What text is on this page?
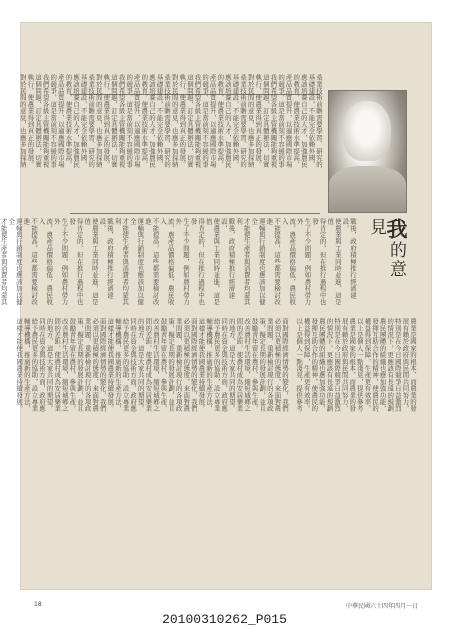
桑業技術前瞻需要學習、研究的
基礎建設，不能完全依賴外國，
應該培養自己的人才，加強農民
的教育，使農業技術水準提高，
產品品質提升，以適應國際市場
的競爭，這是當前刻不容緩的事
我們希望各級主管機關能夠重視
這個問題，訂定具體辦法，切實
執行，使農業得到真正的發展。
對於民間的意見，也應多加採納
桑業技術前瞻需要學習、研究的
基礎建設，不能完全依賴外國，
應該培養自己的人才，加強農民
的教育，使農業技術水準提高，
產品品質提升，以適應國際市場
的競爭，這是當前刻不容緩的事
我們希望各級主管機關能夠重視
這個問題，訂定具體辦法，切實
執行，使農業得到真正的發展。
對於民間的意見，也應多加採納
桑業技術前瞻需要學習、研究的
基礎建設，不能完全依賴外國，
應該培養自己的人才，加強農民
的教育，使農業技術水準提高，
產品品質提升，以適應國際市場
的競爭，這是當前刻不容緩的事
我們希望各級主管機關能夠重視
這個問題，訂定具體辦法，切實
執行，使農業得到真正的發展。
對於民間的意見，也應多加採納
桑業技術前瞻需要學習、研究的
基礎建設，不能完全依賴外國，
應該培養自己的人才，加強農民
的教育，使農業技術水準提高，
產品品質提升，以適應國際市場
的競爭，這是當前刻不容緩的事
我們希望各級主管機關能夠重視
這個問題，訂定具體辦法，切實
執行，使農業得到真正的發展。
對於民間的意見，也應多加採納
我的意見
戰後，政府積極推行經濟建設，
使農業與工業同時並進，這是值
得肯定的，但在推行過程中也發
生了不少問題，例如農村勞力外
流，農產品價格偏低，農民收入
不能提高，這些都需要檢討改進
運輸與行銷制度也應該加以健全
才能使生產者與消費者均蒙其利
戰後，政府積極推行經濟建設，
使農業與工業同時並進，這是值
得肯定的，但在推行過程中也發
生了不少問題，例如農村勞力外
流，農產品價格偏低，農民收入
不能提高，這些都需要檢討改進
運輸與行銷制度也應該加以健全
才能使生產者與消費者均蒙其利
戰後，政府積極推行經濟建設，
使農業與工業同時並進，這是值
得肯定的，但在推行過程中也發
生了不少問題，例如農村勞力外
流，農產品價格偏低，農民收入
不能提高，這些都需要檢討改進
運輸與行銷制度也應該加以健全
才能使生產者與消費者均蒙其
面對國際經濟情勢的變化，我們
必須以更積極的態度，來面對農
業問題，重新檢討現行的各項政
策，擬定長期的發展計劃，並且
鼓勵青年留在農村，參與生產，
改善農村生活環境，縮短城鄉之
間的差距，使農村成為安居樂業
的地方，這是大家共同的期望。
同時在資金與技術方面，政府應
給予農民更多的協助，設立專業
輔導機構，推廣新的生產方法，
這樣才能使我國農業持續發展。
面對國際經濟情勢的變化，我們
必須以更積極的態度，來面對農
業問題，重新檢討現行的各項政
策，擬定長期的發展計劃，並且
鼓勵青年留在農村，參與生產，
改善農村生活環境，縮短城鄉之
間的差距，使農村成為安居樂業
的地方，這是大家共同的期望。
同時在資金與技術方面，政府應
給予農民更多的協助，設立專業
輔導機構，推廣新的生產方法，
這樣才能使我國農業持續發展。
面對國際經濟情勢的變化，我們
必須以更積極的態度，來面對農
業問題，重新檢討現行的各項政
策，擬定長期的發展計劃，並且
鼓勵青年留在農村，參與生產，
改善農村生活環境，縮短城鄉之
間的差距，使農村成為安居樂業
的地方，這是大家共同的期望。
同時在資金與技術方面，政府應
給予農民更多的協助，設立專業
輔導機構，推廣新的生產方法，
這樣才能使我國農業持續發展。	農業是國家的根本，而農業的發
展有賴於政府與民間共同努力，
特別是在今日國際競爭日益激烈
的情況下，更應該有長遠的規劃
農民團體的組織也應加強功能，
發揮互助合作的精神，使農民的
權益得到保障，生產更有效率。
以上是個人一點淺見，提供參考
農業是國家的根本，而農業的發
展有賴於政府與民間共同努力，
特別是在今日國際競爭日益激烈
的情況下，更應該有長遠的規劃
農民團體的組織也應加強功能，
發揮互助合作的精神，使農民的
權益得到保障，生產更有效率。
以上是個人一點淺見，提供參考
18	中華民國六十四年四月一日
20100310262_P015
